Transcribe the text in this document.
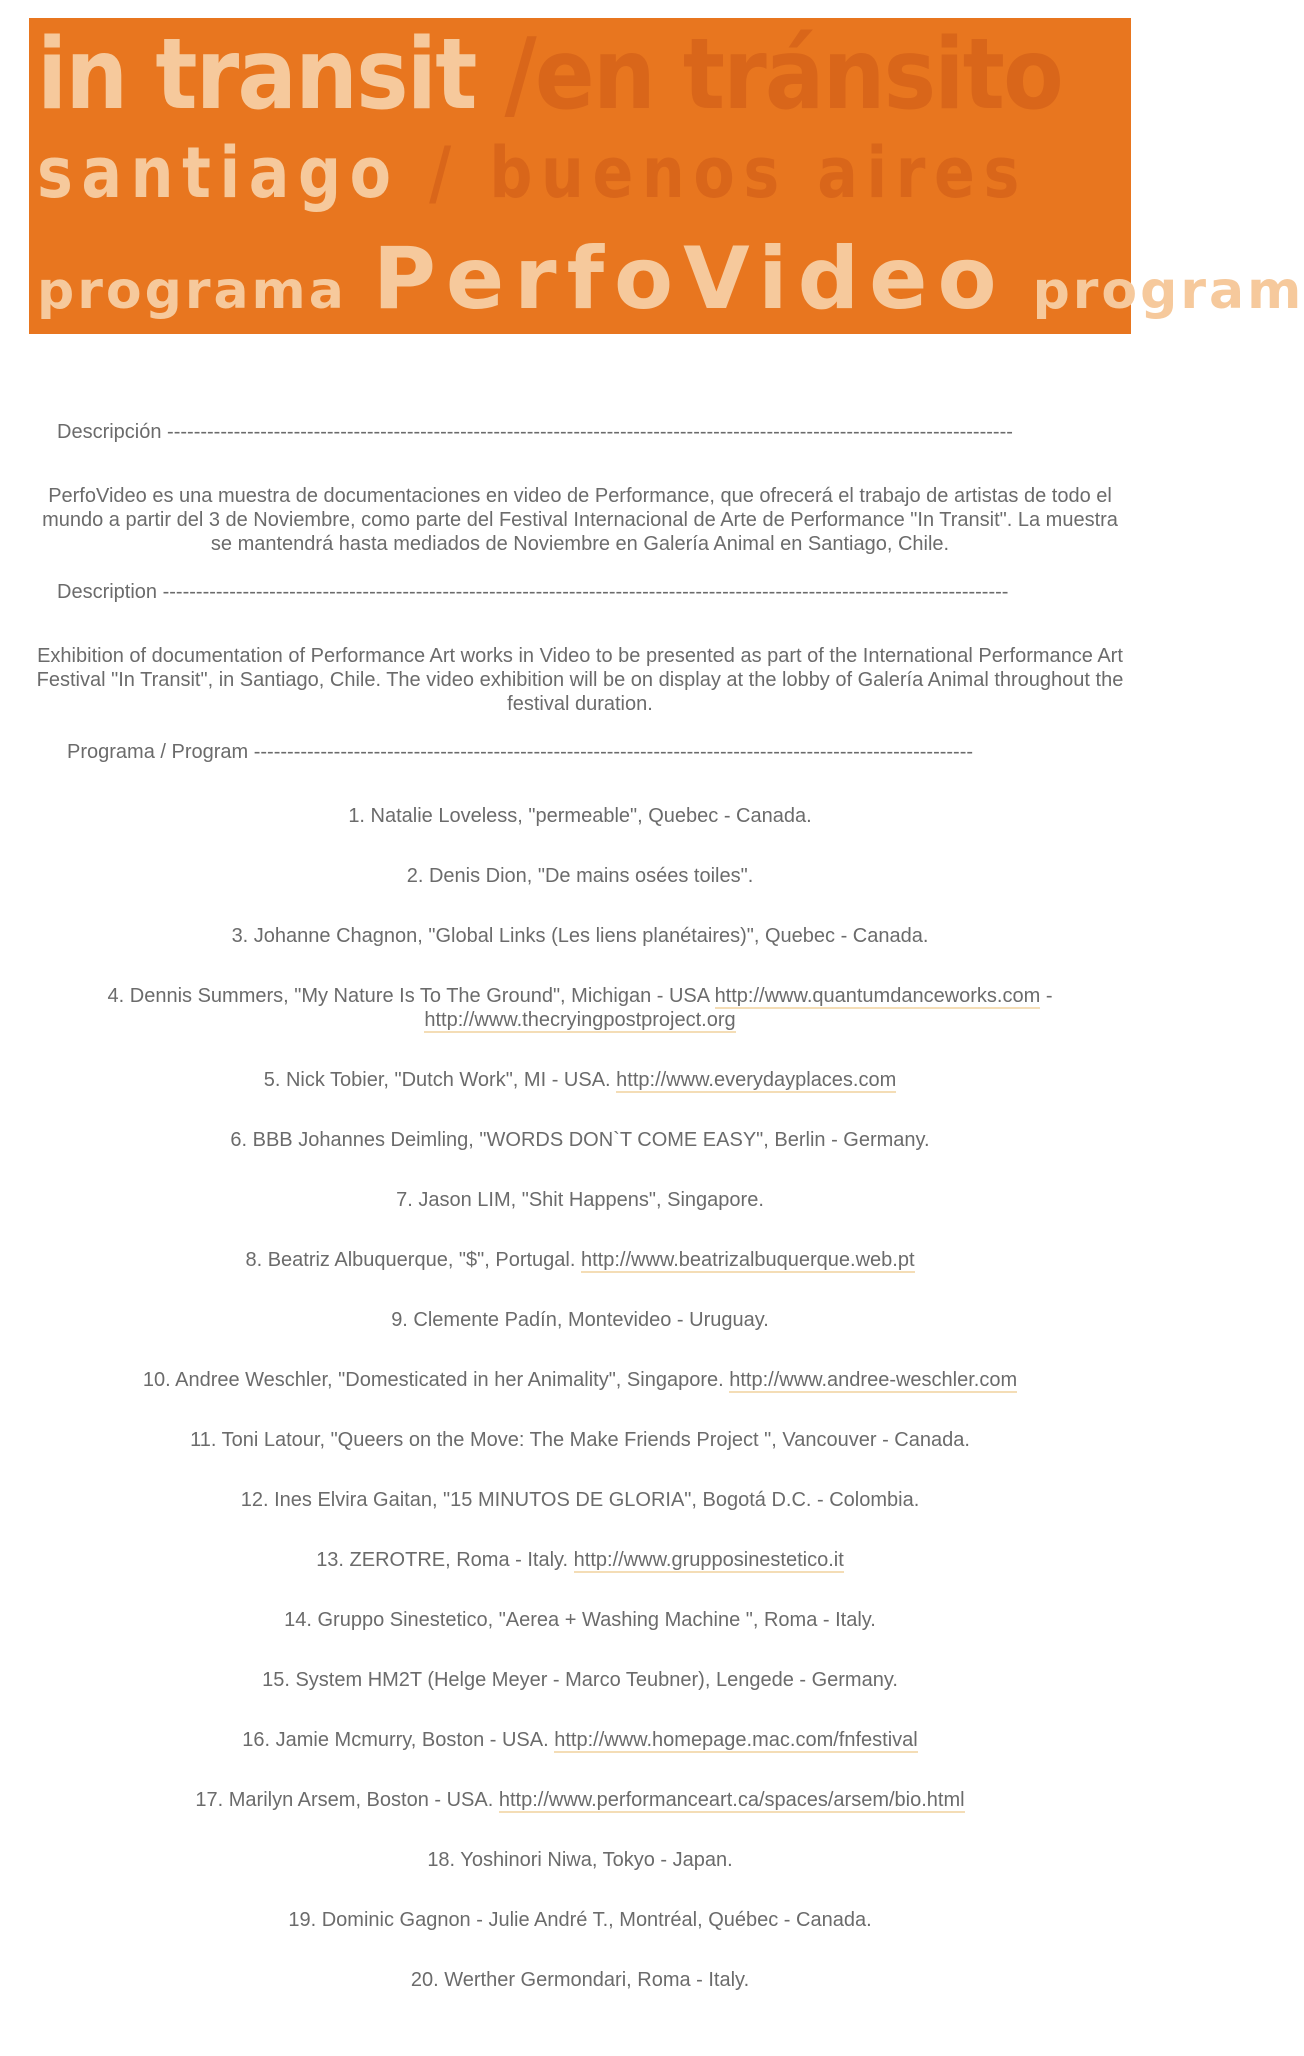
in transit /en tránsito
santiago / buenos aires
programa PerfoVideo program
Descripción -------------------------------------------------------------------------------------------------------------------------------

PerfoVideo es una muestra de documentaciones en video de Performance, que ofrecerá el trabajo de artistas de todo el mundo a partir del 3 de Noviembre, como parte del Festival Internacional de Arte de Performance "In Transit". La muestra se mantendrá hasta mediados de Noviembre en Galería Animal en Santiago, Chile.

Description -------------------------------------------------------------------------------------------------------------------------------

Exhibition of documentation of Performance Art works in Video to be presented as part of the International Performance Art Festival "In Transit", in Santiago, Chile. The video exhibition will be on display at the lobby of Galería Animal throughout the festival duration.

Programa / Program ------------------------------------------------------------------------------------------------------------
1. Natalie Loveless, "permeable", Quebec - Canada.
2. Denis Dion, "De mains osées toiles".
3. Johanne Chagnon, "Global Links (Les liens planétaires)", Quebec - Canada.
4. Dennis Summers, "My Nature Is To The Ground", Michigan - USA http://www.quantumdanceworks.com - http://www.thecryingpostproject.org
5. Nick Tobier, "Dutch Work", MI - USA. http://www.everydayplaces.com
6. BBB Johannes Deimling, "WORDS DON`T COME EASY", Berlin - Germany.
7. Jason LIM, "Shit Happens", Singapore.
8. Beatriz Albuquerque, "$", Portugal. http://www.beatrizalbuquerque.web.pt
9. Clemente Padín, Montevideo - Uruguay.
10. Andree Weschler, "Domesticated in her Animality", Singapore. http://www.andree-weschler.com
11. Toni Latour, "Queers on the Move: The Make Friends Project ", Vancouver - Canada.
12. Ines Elvira Gaitan, "15 MINUTOS DE GLORIA", Bogotá D.C. - Colombia.
13. ZEROTRE, Roma - Italy. http://www.grupposinestetico.it
14. Gruppo Sinestetico, "Aerea + Washing Machine ", Roma - Italy.
15. System HM2T (Helge Meyer - Marco Teubner), Lengede - Germany.
16. Jamie Mcmurry, Boston - USA. http://www.homepage.mac.com/fnfestival
17. Marilyn Arsem, Boston - USA. http://www.performanceart.ca/spaces/arsem/bio.html
18. Yoshinori Niwa, Tokyo - Japan.
19. Dominic Gagnon - Julie André T., Montréal, Québec - Canada.
20. Werther Germondari, Roma - Italy.
